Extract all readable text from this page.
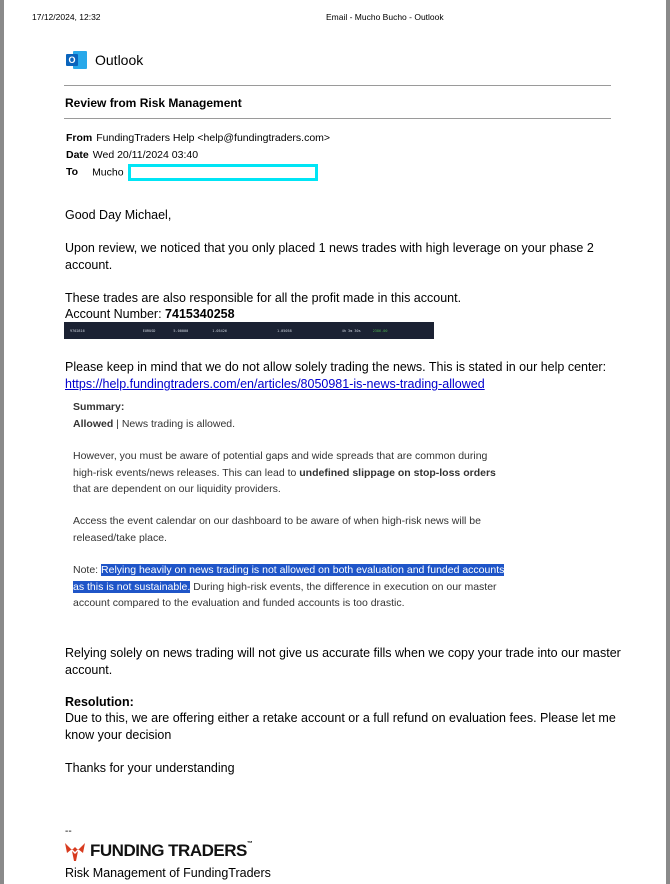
17/12/2024, 12:32	Email - Mucho Bucho - Outlook
O Outlook
Review from Risk Management
From FundingTraders Help <help@fundingtraders.com>
Date Wed 20/11/2024 03:40
To Mucho
Good Day Michael,
Upon review, we noticed that you only placed 1 news trades with high leverage on your phase 2 account.
These trades are also responsible for all the profit made in this account.
Account Number: 7415340258
9702816	EURUSD	5.00000	1.05426	1.05058	4h 3m 30s	2386.00
Please keep in mind that we do not allow solely trading the news. This is stated in our help center: https://help.fundingtraders.com/en/articles/8050981-is-news-trading-allowed
Summary:
Allowed | News trading is allowed.
However, you must be aware of potential gaps and wide spreads that are common during high-risk events/news releases. This can lead to undefined slippage on stop-loss orders that are dependent on our liquidity providers.
Access the event calendar on our dashboard to be aware of when high-risk news will be released/take place.
Note: Relying heavily on news trading is not allowed on both evaluation and funded accounts as this is not sustainable. During high-risk events, the difference in execution on our master account compared to the evaluation and funded accounts is too drastic.
Relying solely on news trading will not give us accurate fills when we copy your trade into our master account.
Resolution:
Due to this, we are offering either a retake account or a full refund on evaluation fees. Please let me know your decision
Thanks for your understanding
--
FUNDING TRADERS™
Risk Management of FundingTraders
